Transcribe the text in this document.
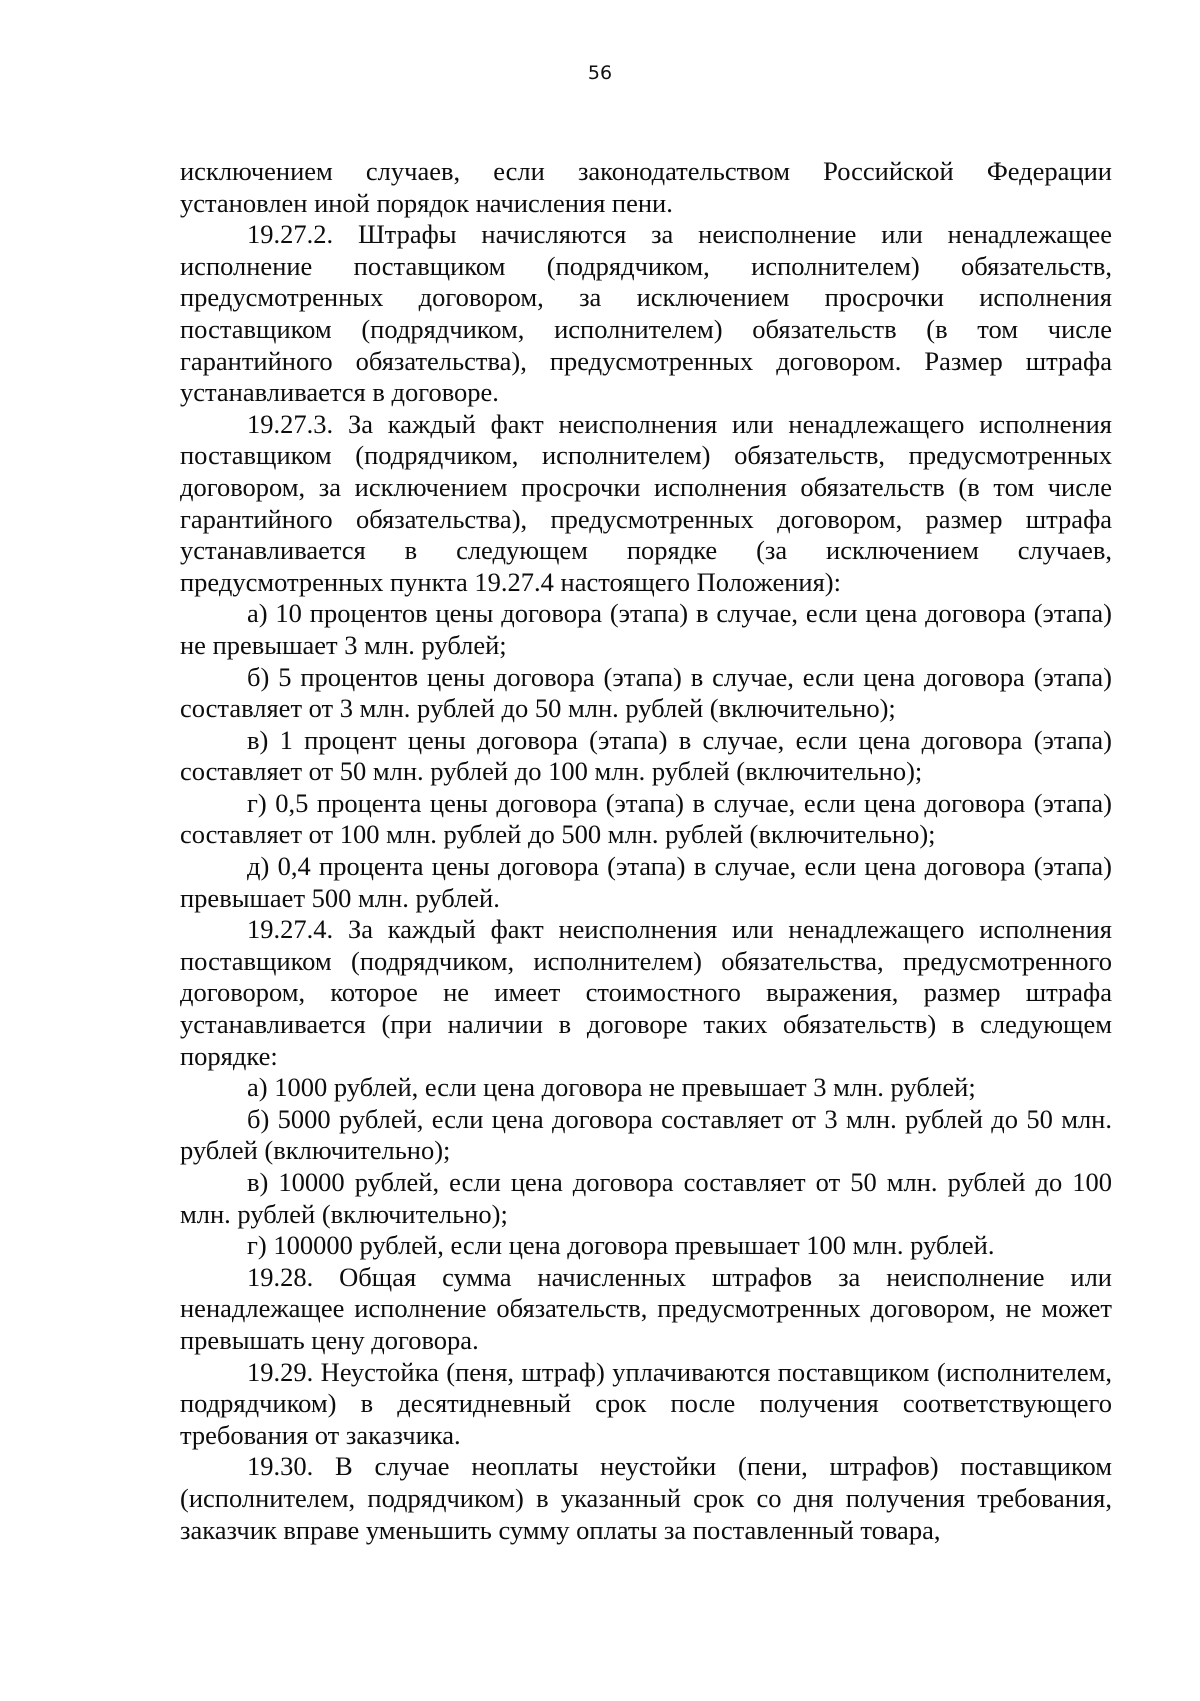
56

исключением случаев, если законодательством Российской Федерации установлен иной порядок начисления пени.

19.27.2. Штрафы начисляются за неисполнение или ненадлежащее исполнение поставщиком (подрядчиком, исполнителем) обязательств, предусмотренных договором, за исключением просрочки исполнения поставщиком (подрядчиком, исполнителем) обязательств (в том числе гарантийного обязательства), предусмотренных договором. Размер штрафа устанавливается в договоре.

19.27.3. За каждый факт неисполнения или ненадлежащего исполнения поставщиком (подрядчиком, исполнителем) обязательств, предусмотренных договором, за исключением просрочки исполнения обязательств (в том числе гарантийного обязательства), предусмотренных договором, размер штрафа устанавливается в следующем порядке (за исключением случаев, предусмотренных пункта 19.27.4 настоящего Положения):

а) 10 процентов цены договора (этапа) в случае, если цена договора (этапа) не превышает 3 млн. рублей;

б) 5 процентов цены договора (этапа) в случае, если цена договора (этапа) составляет от 3 млн. рублей до 50 млн. рублей (включительно);

в) 1 процент цены договора (этапа) в случае, если цена договора (этапа) составляет от 50 млн. рублей до 100 млн. рублей (включительно);

г) 0,5 процента цены договора (этапа) в случае, если цена договора (этапа) составляет от 100 млн. рублей до 500 млн. рублей (включительно);

д) 0,4 процента цены договора (этапа) в случае, если цена договора (этапа) превышает 500 млн. рублей.

19.27.4. За каждый факт неисполнения или ненадлежащего исполнения поставщиком (подрядчиком, исполнителем) обязательства, предусмотренного договором, которое не имеет стоимостного выражения, размер штрафа устанавливается (при наличии в договоре таких обязательств) в следующем порядке:

а) 1000 рублей, если цена договора не превышает 3 млн. рублей;

б) 5000 рублей, если цена договора составляет от 3 млн. рублей до 50 млн. рублей (включительно);

в) 10000 рублей, если цена договора составляет от 50 млн. рублей до 100 млн. рублей (включительно);

г) 100000 рублей, если цена договора превышает 100 млн. рублей.

19.28. Общая сумма начисленных штрафов за неисполнение или ненадлежащее исполнение обязательств, предусмотренных договором, не может превышать цену договора.

19.29. Неустойка (пеня, штраф) уплачиваются поставщиком (исполнителем, подрядчиком) в десятидневный срок после получения соответствующего требования от заказчика.

19.30. В случае неоплаты неустойки (пени, штрафов) поставщиком (исполнителем, подрядчиком) в указанный срок со дня получения требования, заказчик вправе уменьшить сумму оплаты за поставленный товара,
